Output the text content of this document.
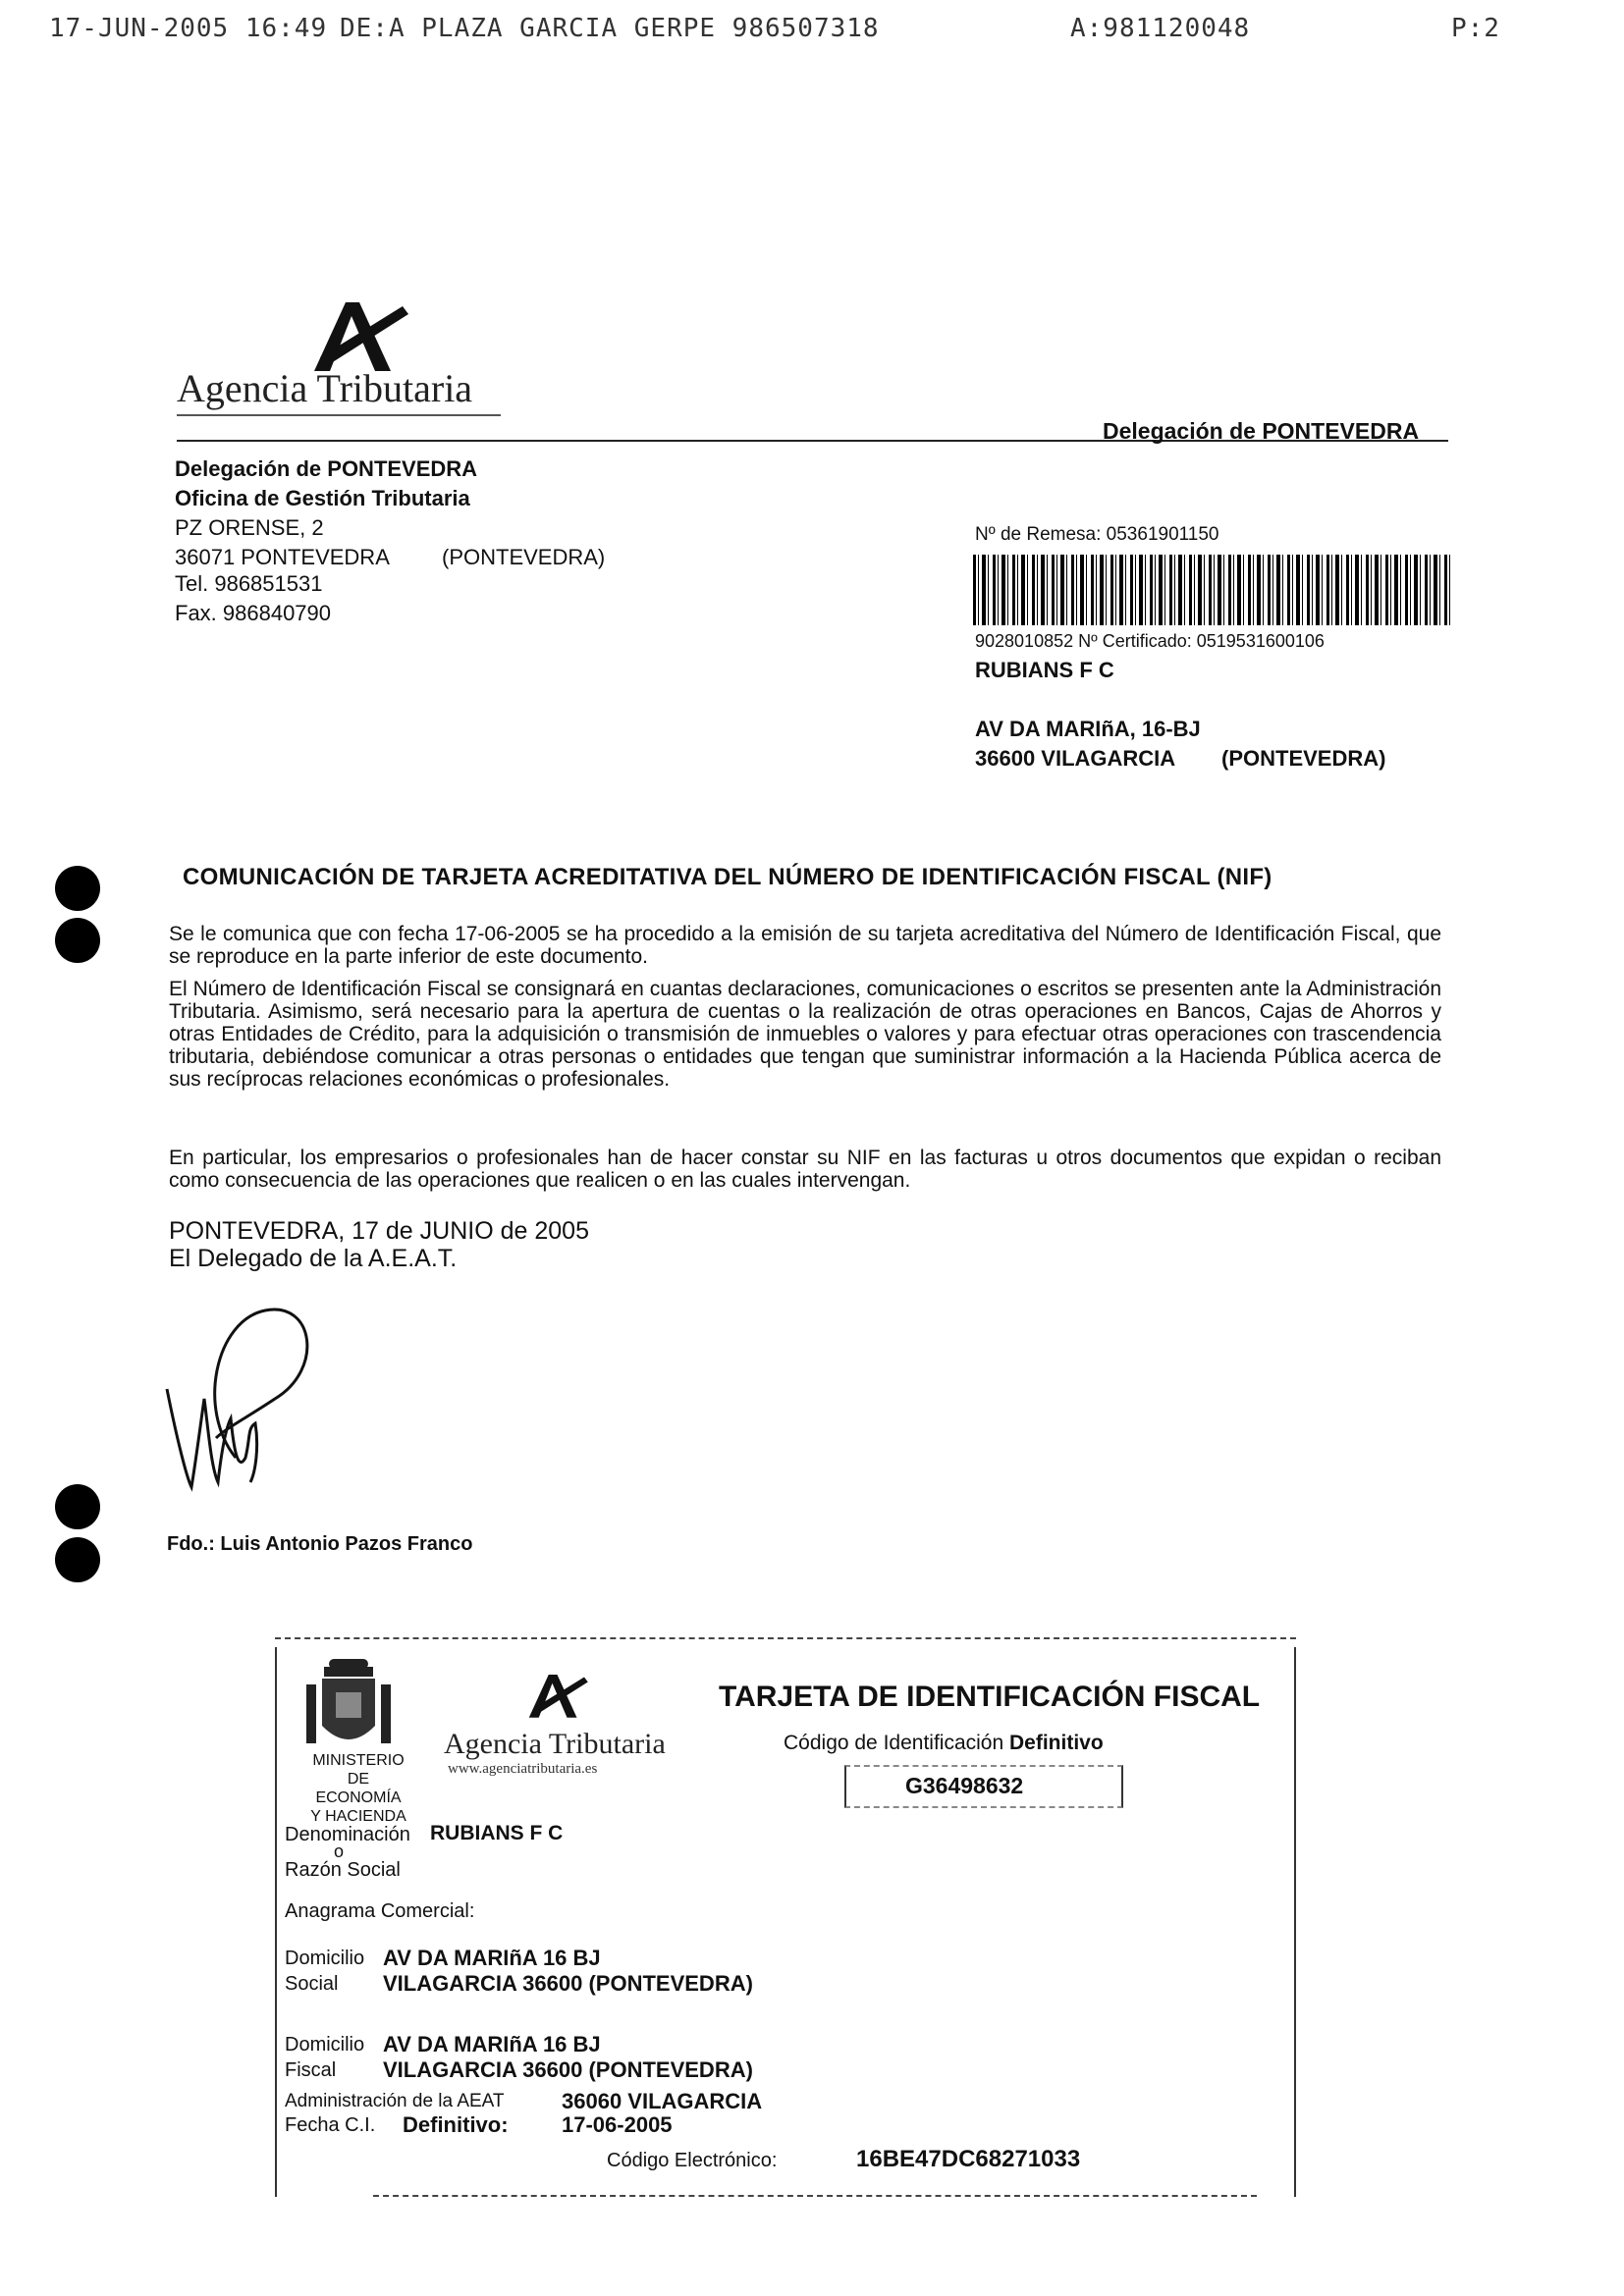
17-JUN-2005 16:49 DE:A PLAZA GARCIA GERPE 986507318	A:981120048	P:2
Agencia Tributaria
Delegación de PONTEVEDRA
Delegación de PONTEVEDRA
Oficina de Gestión Tributaria
PZ ORENSE, 2
36071 PONTEVEDRA (PONTEVEDRA)
Tel. 986851531
Fax. 986840790
Nº de Remesa: 05361901150
9028010852 Nº Certificado: 0519531600106
RUBIANS F C
AV DA MARIñA, 16-BJ
36600 VILAGARCIA (PONTEVEDRA)
COMUNICACIÓN DE TARJETA ACREDITATIVA DEL NÚMERO DE IDENTIFICACIÓN FISCAL (NIF)
Se le comunica que con fecha 17-06-2005 se ha procedido a la emisión de su tarjeta acreditativa del Número de Identificación Fiscal, que se reproduce en la parte inferior de este documento.
El Número de Identificación Fiscal se consignará en cuantas declaraciones, comunicaciones o escritos se presenten ante la Administración Tributaria. Asimismo, será necesario para la apertura de cuentas o la realización de otras operaciones en Bancos, Cajas de Ahorros y otras Entidades de Crédito, para la adquisición o transmisión de inmuebles o valores y para efectuar otras operaciones con trascendencia tributaria, debiéndose comunicar a otras personas o entidades que tengan que suministrar información a la Hacienda Pública acerca de sus recíprocas relaciones económicas o profesionales.
En particular, los empresarios o profesionales han de hacer constar su NIF en las facturas u otros documentos que expidan o reciban como consecuencia de las operaciones que realicen o en las cuales intervengan.
PONTEVEDRA, 17 de JUNIO de 2005
El Delegado de la A.E.A.T.
Fdo.: Luis Antonio Pazos Franco
MINISTERIO
DE ECONOMÍA
Y HACIENDA
Agencia Tributaria
www.agenciatributaria.es
TARJETA DE IDENTIFICACIÓN FISCAL
Código de Identificación Definitivo
G36498632
Denominación RUBIANS F C
o
Razón Social
Anagrama Comercial:
Domicilio
Social
AV DA MARIñA 16 BJ
VILAGARCIA 36600 (PONTEVEDRA)
Domicilio
Fiscal
AV DA MARIñA 16 BJ
VILAGARCIA 36600 (PONTEVEDRA)
Administración de la AEAT	36060 VILAGARCIA
Fecha C.I. Definitivo: 17-06-2005
Código Electrónico:	16BE47DC68271033
